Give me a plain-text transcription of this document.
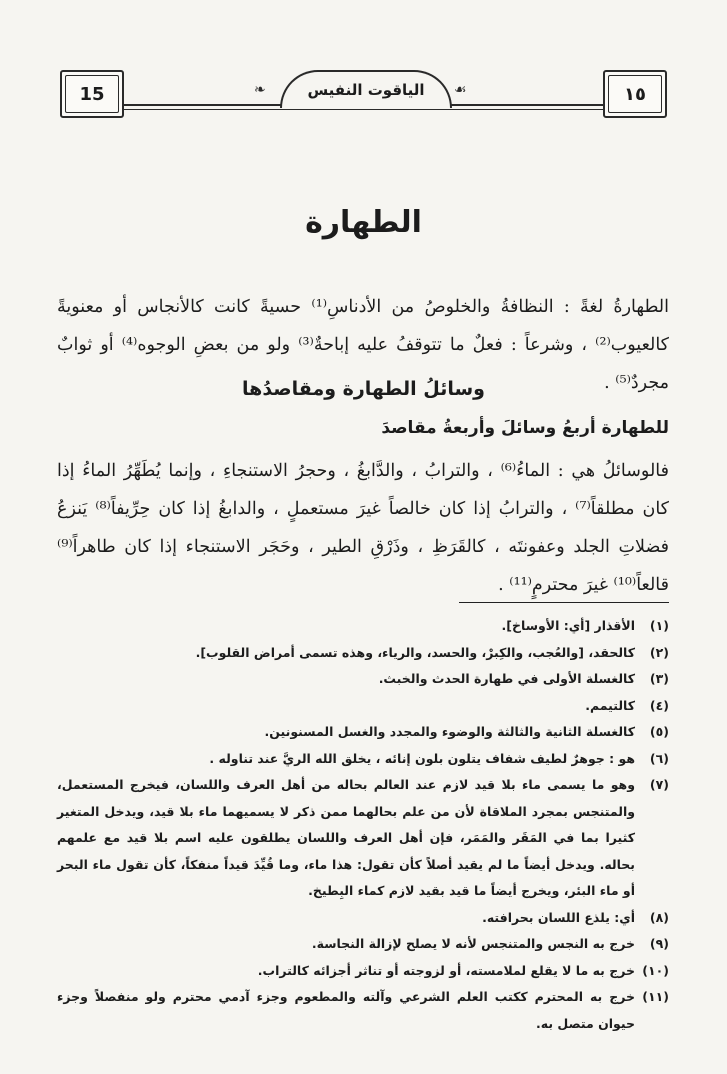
15	❧	الياقوت النفيس	☙	١٥
الطهارة
الطهارةُ لغةً : النظافةُ والخلوصُ من الأدناسِ⁽¹⁾ حسيةً كانت كالأنجاس أو معنويةً كالعيوب⁽²⁾ ، وشرعاً : فعلٌ ما تتوقفُ عليه إباحةٌ⁽³⁾ ولو من بعضِ الوجوه⁽⁴⁾ أو ثوابٌ مجردٌ⁽⁵⁾ .
وسائلُ الطهارة ومقاصدُها
للطهارة أربعُ وسائلَ وأربعةُ مقاصدَ
فالوسائلُ هي : الماءُ⁽⁶⁾ ، والترابُ ، والدَّابغُ ، وحجرُ الاستنجاءِ ، وإنما يُطَهِّرُ الماءُ إذا كان مطلقاً⁽⁷⁾ ، والترابُ إذا كان خالصاً غيرَ مستعملٍ ، والدابغُ إذا كان حِرِّيفاً⁽⁸⁾ يَنزعُ فضلاتِ الجلد وعفونتَه ، كالقَرَظِ ، وذَرْقِ الطير ، وحَجَر الاستنجاء إذا كان طاهراً⁽⁹⁾ قالعاً⁽¹⁰⁾ غيرَ محترمٍ⁽¹¹⁾ .
(١)
الأقذار [أي: الأوساخ].
(٢)
كالحقد، [والعُجب، والكِبرْ، والحسد، والرياء، وهذه تسمى أمراض القلوب].
(٣)
كالغسلة الأولى في طهارة الحدث والخبث.
(٤)
كالتيمم.
(٥)
كالغسلة الثانية والثالثة والوضوء والمجدد والغسل المسنونين.
(٦)
هو : جوهرٌ لطيف شفاف يتلون بلون إنائه ، يخلق الله الريَّ عند تناوله .
(٧)
وهو ما يسمى ماء بلا قيد لازم عند العالم بحاله من أهل العرف واللسان، فيخرج المستعمل، والمتنجس بمجرد الملاقاة لأن من علم بحالهما ممن ذكر لا يسميهما ماء بلا قيد، ويدخل المتغير كثيرا بما في المَقَر والمَمَر، فإن أهل العرف واللسان يطلقون عليه اسم بلا قيد مع علمهم بحاله. ويدخل أيضاً ما لم يقيد أصلاً كأن تقول: هذا ماء، وما قُيِّدَ قيداً منفكاً، كأن تقول ماء البحر أو ماء البئر، ويخرج أيضاً ما قيد بقيد لازم كماء البِطيخ.
(٨)
أي: يلذع اللسان بحرافته.
(٩)
خرج به النجس والمتنجس لأنه لا يصلح لإزالة النجاسة.
(١٠)
خرج به ما لا يقلع لملامسته، أو لزوجته أو تناثر أجزائه كالتراب.
(١١)
خرج به المحترم ككتب العلم الشرعي وآلته والمطعوم وجزء آدمي محترم ولو منفصلاً وجزء حيوان متصل به.
